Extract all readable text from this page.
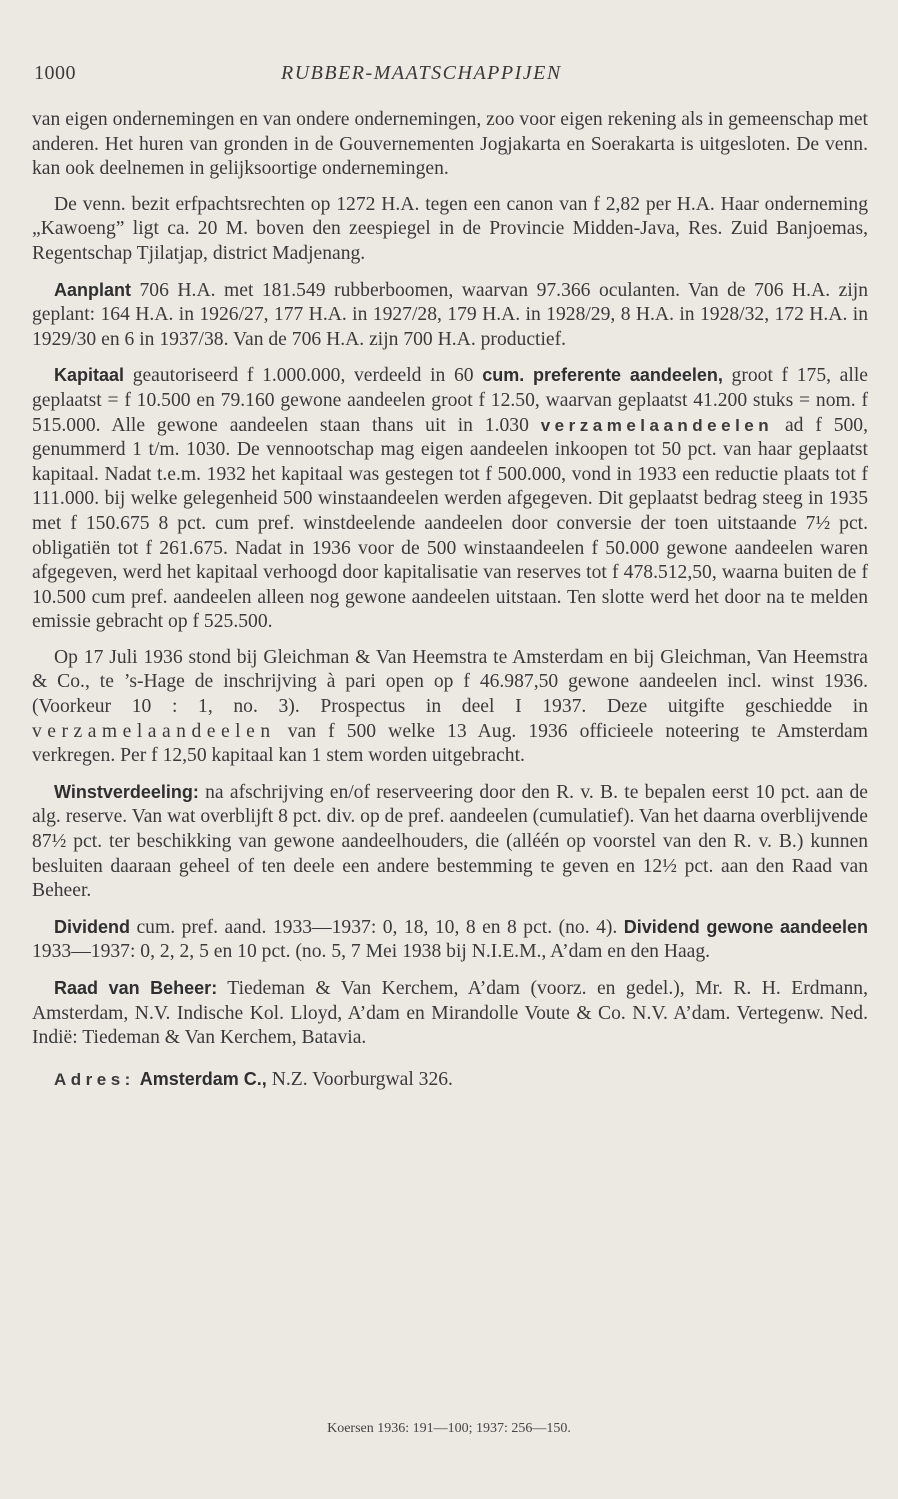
1000	RUBBER-MAATSCHAPPIJEN

van eigen ondernemingen en van ondere ondernemingen, zoo voor eigen rekening als in gemeenschap met anderen. Het huren van gronden in de Gouvernementen Jogjakarta en Soerakarta is uitgesloten. De venn. kan ook deelnemen in gelijksoortige ondernemingen.

De venn. bezit erfpachtsrechten op 1272 H.A. tegen een canon van f 2,82 per H.A. Haar onderneming „Kawoeng” ligt ca. 20 M. boven den zeespiegel in de Provincie Midden-Java, Res. Zuid Banjoemas, Regentschap Tjilatjap, district Madjenang.

Aanplant 706 H.A. met 181.549 rubberboomen, waarvan 97.366 oculanten. Van de 706 H.A. zijn geplant: 164 H.A. in 1926/27, 177 H.A. in 1927/28, 179 H.A. in 1928/29, 8 H.A. in 1928/32, 172 H.A. in 1929/30 en 6 in 1937/38. Van de 706 H.A. zijn 700 H.A. productief.

Kapitaal geautoriseerd f 1.000.000, verdeeld in 60 cum. preferente aandeelen, groot f 175, alle geplaatst = f 10.500 en 79.160 gewone aandeelen groot f 12.50, waarvan geplaatst 41.200 stuks = nom. f 515.000. Alle gewone aandeelen staan thans uit in 1.030 verzamelaandeelen ad f 500, genummerd 1 t/m. 1030. De vennootschap mag eigen aandeelen inkoopen tot 50 pct. van haar geplaatst kapitaal. Nadat t.e.m. 1932 het kapitaal was gestegen tot f 500.000, vond in 1933 een reductie plaats tot f 111.000. bij welke gelegenheid 500 winstaandeelen werden afgegeven. Dit geplaatst bedrag steeg in 1935 met f 150.675 8 pct. cum pref. winstdeelende aandeelen door conversie der toen uitstaande 7½ pct. obligatiën tot f 261.675. Nadat in 1936 voor de 500 winstaandeelen f 50.000 gewone aandeelen waren afgegeven, werd het kapitaal verhoogd door kapitalisatie van reserves tot f 478.512,50, waarna buiten de f 10.500 cum pref. aandeelen alleen nog gewone aandeelen uitstaan. Ten slotte werd het door na te melden emissie gebracht op f 525.500.

Op 17 Juli 1936 stond bij Gleichman & Van Heemstra te Amsterdam en bij Gleichman, Van Heemstra & Co., te ’s-Hage de inschrijving à pari open op f 46.987,50 gewone aandeelen incl. winst 1936. (Voorkeur 10 : 1, no. 3). Prospectus in deel I 1937. Deze uitgifte geschiedde in verzamelaandeelen van f 500 welke 13 Aug. 1936 officieele noteering te Amsterdam verkregen. Per f 12,50 kapitaal kan 1 stem worden uitgebracht.

Winstverdeeling: na afschrijving en/of reserveering door den R. v. B. te bepalen eerst 10 pct. aan de alg. reserve. Van wat overblijft 8 pct. div. op de pref. aandeelen (cumulatief). Van het daarna overblijvende 87½ pct. ter beschikking van gewone aandeelhouders, die (alléén op voorstel van den R. v. B.) kunnen besluiten daaraan geheel of ten deele een andere bestemming te geven en 12½ pct. aan den Raad van Beheer.

Dividend cum. pref. aand. 1933—1937: 0, 18, 10, 8 en 8 pct. (no. 4). Dividend gewone aandeelen 1933—1937: 0, 2, 2, 5 en 10 pct. (no. 5, 7 Mei 1938 bij N.I.E.M., A’dam en den Haag.

Raad van Beheer: Tiedeman & Van Kerchem, A’dam (voorz. en gedel.), Mr. R. H. Erdmann, Amsterdam, N.V. Indische Kol. Lloyd, A’dam en Mirandolle Voute & Co. N.V. A’dam. Vertegenw. Ned. Indië: Tiedeman & Van Kerchem, Batavia.

Adres: Amsterdam C., N.Z. Voorburgwal 326.

Koersen 1936: 191—100; 1937: 256—150.
